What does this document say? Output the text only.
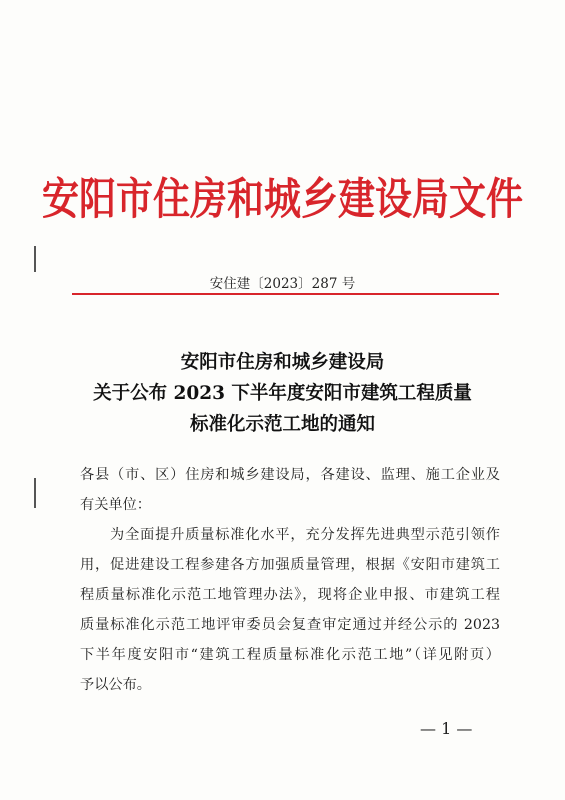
安阳市住房和城乡建设局文件
安住建〔2023〕287 号
安阳市住房和城乡建设局
关于公布 2023 下半年度安阳市建筑工程质量
标准化示范工地的通知
各县（市、区）住房和城乡建设局，各建设、监理、施工企业及
有关单位：
　　为全面提升质量标准化水平，充分发挥先进典型示范引领作
用，促进建设工程参建各方加强质量管理，根据《安阳市建筑工
程质量标准化示范工地管理办法》，现将企业申报、市建筑工程
质量标准化示范工地评审委员会复查审定通过并经公示的 2023
下半年度安阳市“建筑工程质量标准化示范工地”（详见附页）
予以公布。
— 1 —
